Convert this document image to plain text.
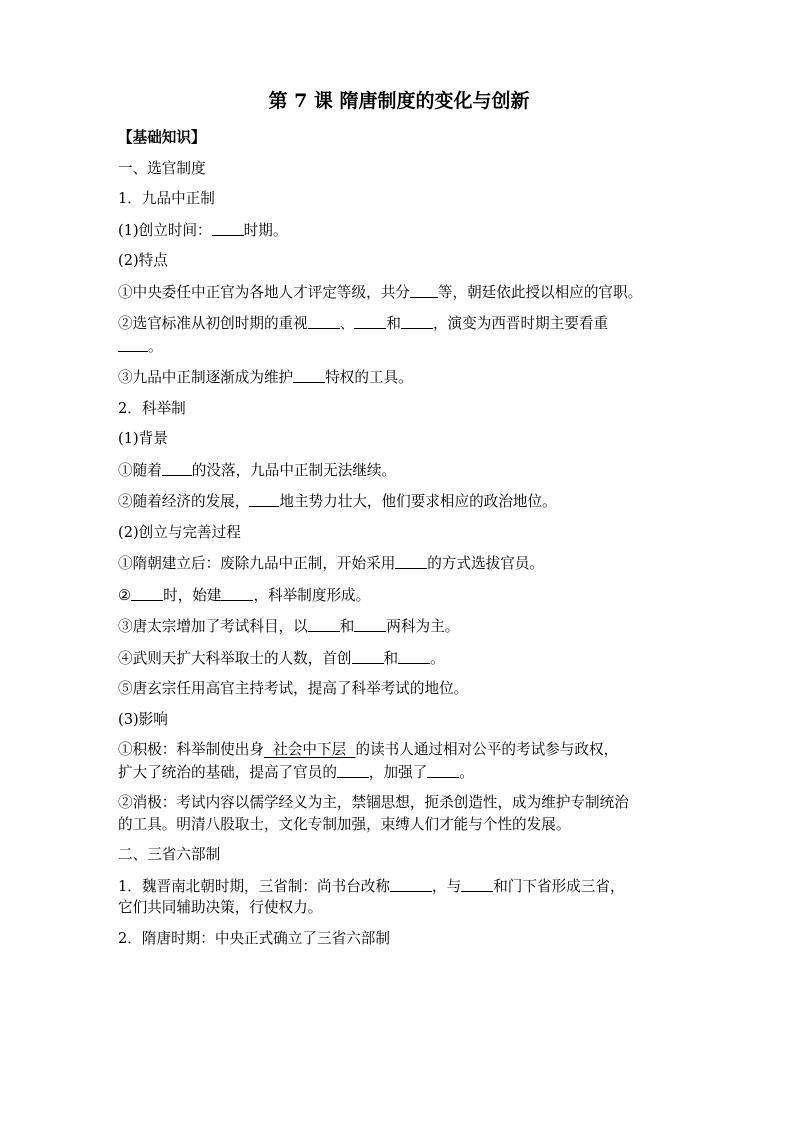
第 7 课 隋唐制度的变化与创新
【基础知识】
一、选官制度
1．九品中正制
(1)创立时间： 时期。
(2)特点
①中央委任中正官为各地人才评定等级，共分 等，朝廷依此授以相应的官职。
②选官标准从初创时期的重视 、 和 ，演变为西晋时期主要看重
。
③九品中正制逐渐成为维护 特权的工具。
2．科举制
(1)背景
①随着 的没落，九品中正制无法继续。
②随着经济的发展， 地主势力壮大，他们要求相应的政治地位。
(2)创立与完善过程
①隋朝建立后：废除九品中正制，开始采用 的方式选拔官员。
② 时，始建 ，科举制度形成。
③唐太宗增加了考试科目，以 和 两科为主。
④武则天扩大科举取士的人数，首创 和 。
⑤唐玄宗任用高官主持考试，提高了科举考试的地位。
(3)影响
①积极：科举制使出身  社会中下层  的读书人通过相对公平的考试参与政权，
扩大了统治的基础，提高了官员的 ，加强了 。
②消极：考试内容以儒学经义为主，禁锢思想，扼杀创造性，成为维护专制统治
的工具。明清八股取士，文化专制加强，束缚人们才能与个性的发展。
二、三省六部制
1．魏晋南北朝时期，三省制：尚书台改称	，与 和门下省形成三省，
它们共同辅助决策，行使权力。
2．隋唐时期：中央正式确立了三省六部制
